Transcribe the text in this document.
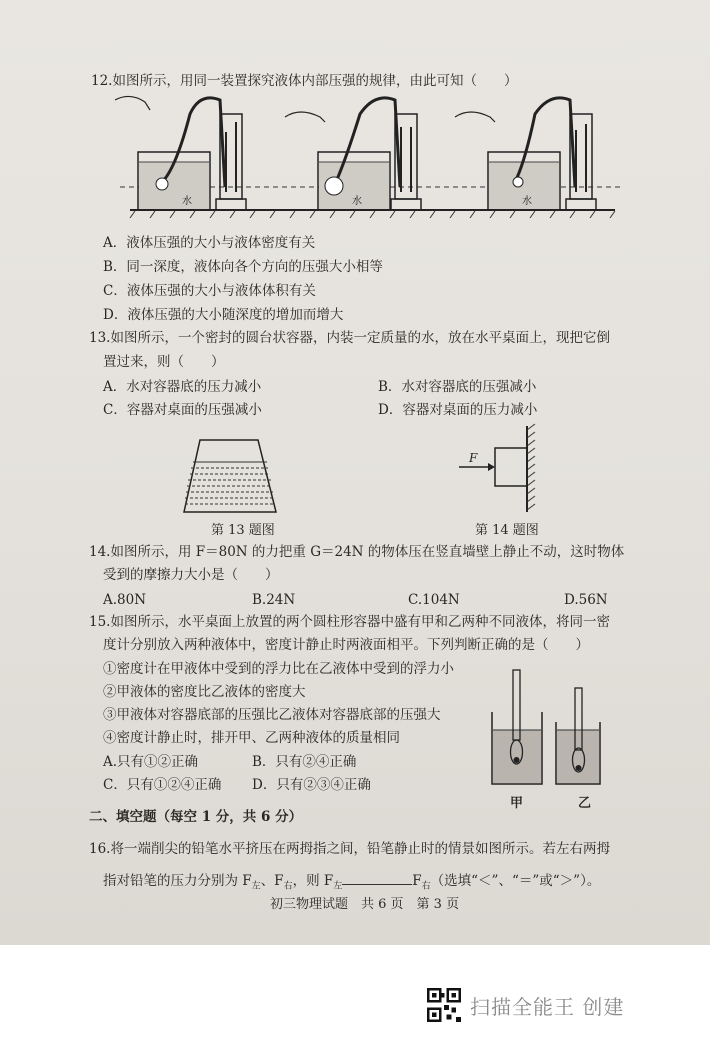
12.如图所示，用同一装置探究液体内部压强的规律，由此可知（　　）
水	水	水
A．液体压强的大小与液体密度有关
B．同一深度，液体向各个方向的压强大小相等
C．液体压强的大小与液体体积有关
D．液体压强的大小随深度的增加而增大
13.如图所示，一个密封的圆台状容器，内装一定质量的水，放在水平桌面上，现把它倒
置过来，则（　　）
A．水对容器底的压力减小	B．水对容器底的压强减小
C．容器对桌面的压强减小	D．容器对桌面的压力减小
第 13 题图
F
第 14 题图
14.如图所示，用 F＝80N 的力把重 G＝24N 的物体压在竖直墙壁上静止不动，这时物体
受到的摩擦力大小是（　　）
A.80N	B.24N	C.104N	D.56N
15.如图所示，水平桌面上放置的两个圆柱形容器中盛有甲和乙两种不同液体，将同一密
度计分别放入两种液体中，密度计静止时两液面相平。下列判断正确的是（　　）
①密度计在甲液体中受到的浮力比在乙液体中受到的浮力小
②甲液体的密度比乙液体的密度大
③甲液体对容器底部的压强比乙液体对容器底部的压强大
④密度计静止时，排开甲、乙两种液体的质量相同
A.只有①②正确	B．只有②④正确
C．只有①②④正确 D．只有②③④正确
甲	乙
二、填空题（每空 1 分，共 6 分）
16.将一端削尖的铅笔水平挤压在两拇指之间，铅笔静止时的情景如图所示。若左右两拇
指对铅笔的压力分别为 $F_左$、$F_右$，则 $F_左$	$F_右$（选填“＜”、“＝”或“＞”）。
初三物理试题　共 6 页　第 3 页
扫描全能王 创建
